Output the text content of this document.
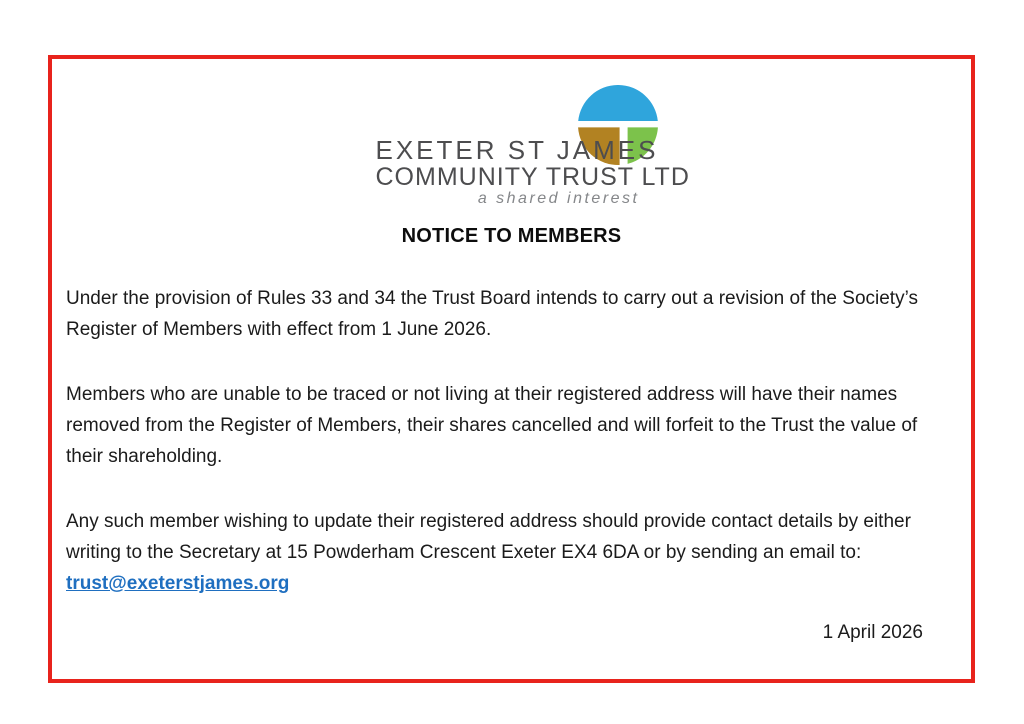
EXETER ST JAMES
COMMUNITY TRUST LTD
a shared interest
NOTICE TO MEMBERS

Under the provision of Rules 33 and 34 the Trust Board intends to carry out a revision of the Society’s Register of Members with effect from 1 June 2026.

Members who are unable to be traced or not living at their registered address will have their names removed from the Register of Members, their shares cancelled and will forfeit to the Trust the value of their shareholding.

Any such member wishing to update their registered address should provide contact details by either writing to the Secretary at 15 Powderham Crescent Exeter EX4 6DA or by sending an email to: trust@exeterstjames.org

1 April 2026
